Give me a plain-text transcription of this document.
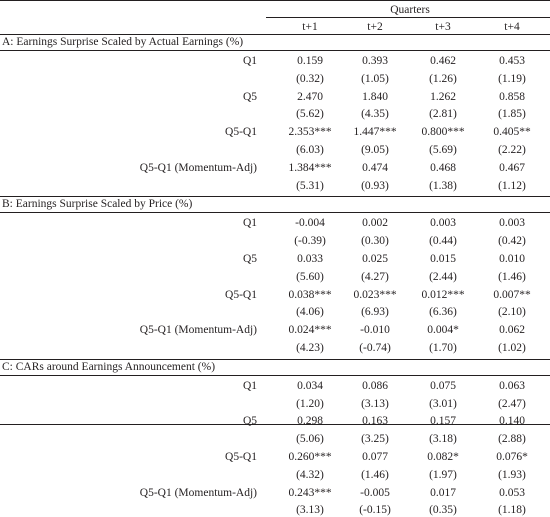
Quarters
t+1	t+2	t+3	t+4
A: Earnings Surprise Scaled by Actual Earnings (%)
Q1	0.159	0.393	0.462	0.453
(0.32)	(1.05)	(1.26)	(1.19)
Q5	2.470	1.840	1.262	0.858
(5.62)	(4.35)	(2.81)	(1.85)
Q5-Q1	2.353***	1.447***	0.800***	0.405**
(6.03)	(9.05)	(5.69)	(2.22)
Q5-Q1 (Momentum-Adj)	1.384***	0.474	0.468	0.467
(5.31)	(0.93)	(1.38)	(1.12)
B: Earnings Surprise Scaled by Price (%)
Q1	-0.004	0.002	0.003	0.003
(-0.39)	(0.30)	(0.44)	(0.42)
Q5	0.033	0.025	0.015	0.010
(5.60)	(4.27)	(2.44)	(1.46)
Q5-Q1	0.038***	0.023***	0.012***	0.007**
(4.06)	(6.93)	(6.36)	(2.10)
Q5-Q1 (Momentum-Adj)	0.024***	-0.010	0.004*	0.062
(4.23)	(-0.74)	(1.70)	(1.02)
C: CARs around Earnings Announcement (%)
Q1	0.034	0.086	0.075	0.063
(1.20)	(3.13)	(3.01)	(2.47)
Q5	0.298	0.163	0.157	0.140
(5.06)	(3.25)	(3.18)	(2.88)
Q5-Q1	0.260***	0.077	0.082*	0.076*
(4.32)	(1.46)	(1.97)	(1.93)
Q5-Q1 (Momentum-Adj)	0.243***	-0.005	0.017	0.053
(3.13)	(-0.15)	(0.35)	(1.18)
